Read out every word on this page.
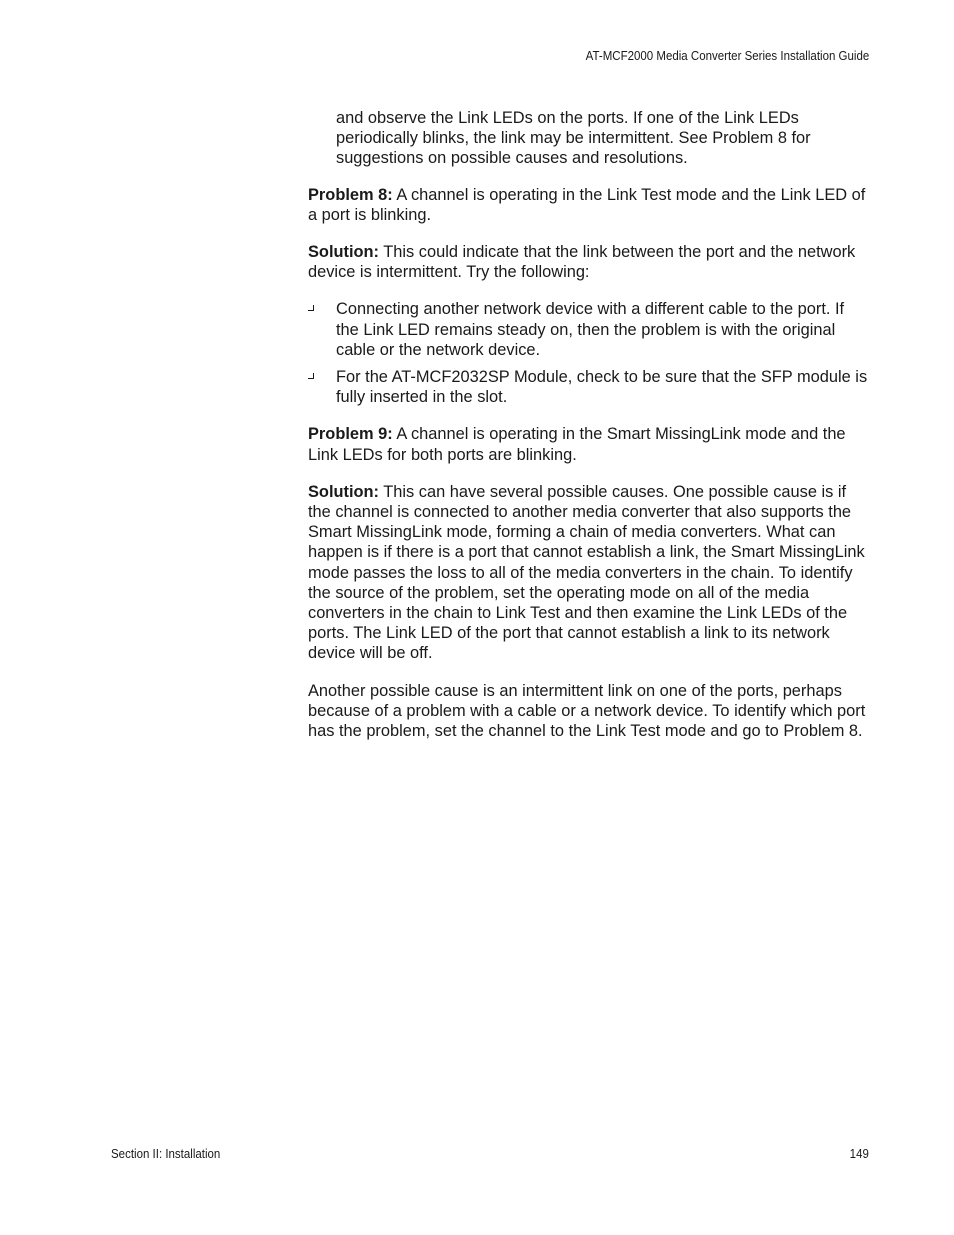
AT-MCF2000 Media Converter Series Installation Guide

and observe the Link LEDs on the ports. If one of the Link LEDs periodically blinks, the link may be intermittent. See Problem 8 for suggestions on possible causes and resolutions.

Problem 8: A channel is operating in the Link Test mode and the Link LED of a port is blinking.

Solution: This could indicate that the link between the port and the network device is intermittent. Try the following:

Connecting another network device with a different cable to the port. If the Link LED remains steady on, then the problem is with the original cable or the network device.
For the AT-MCF2032SP Module, check to be sure that the SFP module is fully inserted in the slot.

Problem 9: A channel is operating in the Smart MissingLink mode and the Link LEDs for both ports are blinking.

Solution: This can have several possible causes. One possible cause is if the channel is connected to another media converter that also supports the Smart MissingLink mode, forming a chain of media converters. What can happen is if there is a port that cannot establish a link, the Smart MissingLink mode passes the loss to all of the media converters in the chain. To identify the source of the problem, set the operating mode on all of the media converters in the chain to Link Test and then examine the Link LEDs of the ports. The Link LED of the port that cannot establish a link to its network device will be off.

Another possible cause is an intermittent link on one of the ports, perhaps because of a problem with a cable or a network device. To identify which port has the problem, set the channel to the Link Test mode and go to Problem 8.

Section II: Installation	149
